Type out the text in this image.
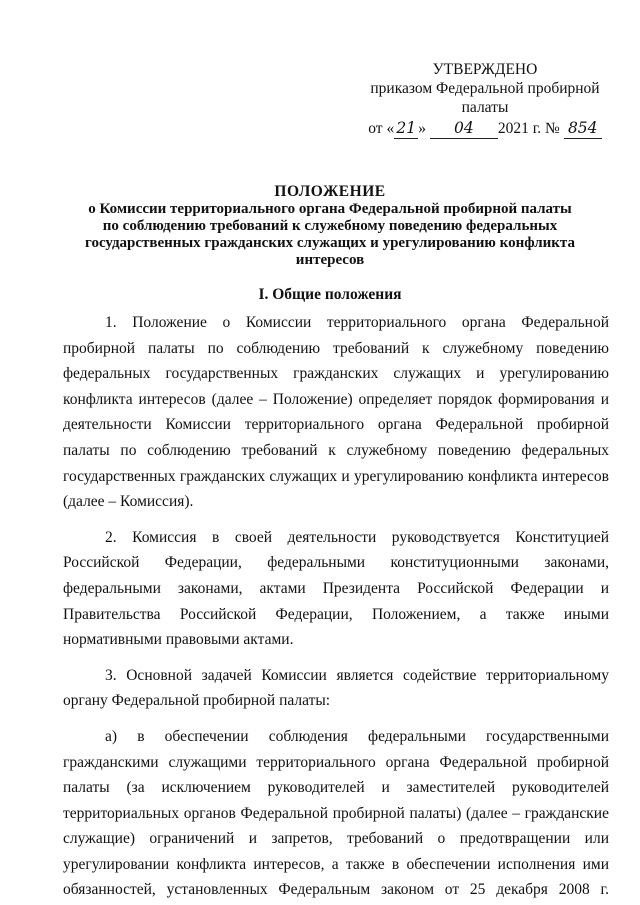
УТВЕРЖДЕНО
приказом Федеральной пробирной
палаты
от « 21 » 04 2021 г. № 854
ПОЛОЖЕНИЕ
о Комиссии территориального органа Федеральной пробирной палаты
по соблюдению требований к служебному поведению федеральных
государственных гражданских служащих и урегулированию конфликта
интересов
I. Общие положения

1. Положение о Комиссии территориального органа Федеральной пробирной палаты по соблюдению требований к служебному поведению федеральных государственных гражданских служащих и урегулированию конфликта интересов (далее – Положение) определяет порядок формирования и деятельности Комиссии территориального органа Федеральной пробирной палаты по соблюдению требований к служебному поведению федеральных государственных гражданских служащих и урегулированию конфликта интересов (далее – Комиссия).

2. Комиссия в своей деятельности руководствуется Конституцией Российской Федерации, федеральными конституционными законами, федеральными законами, актами Президента Российской Федерации и Правительства Российской Федерации, Положением, а также иными нормативными правовыми актами.

3. Основной задачей Комиссии является содействие территориальному органу Федеральной пробирной палаты:

а) в обеспечении соблюдения федеральными государственными гражданскими служащими территориального органа Федеральной пробирной палаты (за исключением руководителей и заместителей руководителей территориальных органов Федеральной пробирной палаты) (далее – гражданские служащие) ограничений и запретов, требований о предотвращении или урегулировании конфликта интересов, а также в обеспечении исполнения ими обязанностей, установленных Федеральным законом от 25 декабря 2008 г.
